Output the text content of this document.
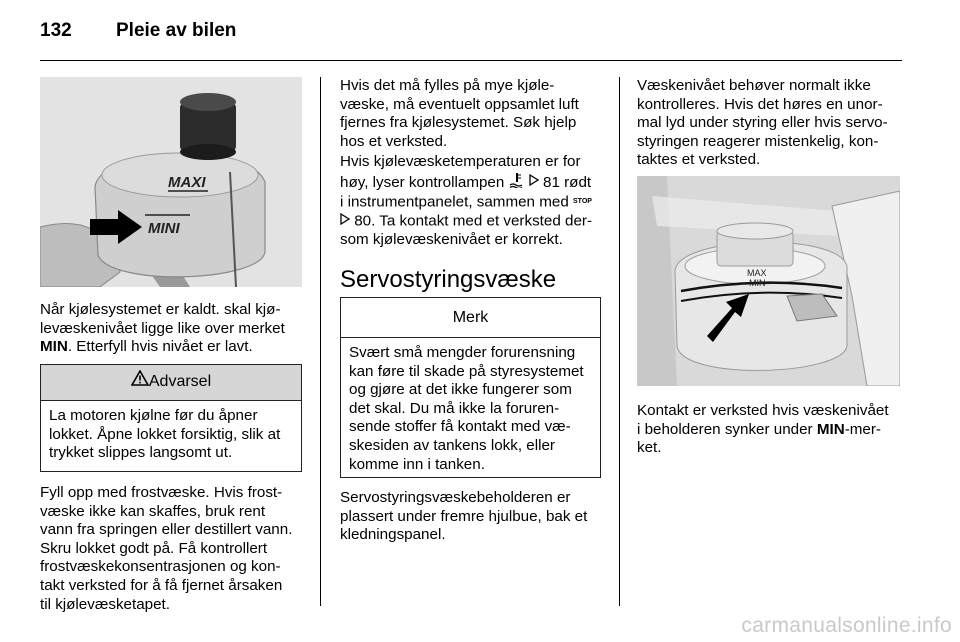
132 Pleie av bilen
MAXI
MINI
Når kjølesystemet er kaldt. skal kjø-
levæskenivået ligge like over merket
MIN. Etterfyll hvis nivået er lavt.
Advarsel
La motoren kjølne før du åpner
lokket. Åpne lokket forsiktig, slik at
trykket slippes langsomt ut.
Fyll opp med frostvæske. Hvis frost-
væske ikke kan skaffes, bruk rent
vann fra springen eller destillert vann.
Skru lokket godt på. Få kontrollert
frostvæskekonsentrasjonen og kon-
takt verksted for å få fjernet årsaken
til kjølevæsketapet.
Hvis det må fylles på mye kjøle-
væske, må eventuelt oppsamlet luft
fjernes fra kjølesystemet. Søk hjelp
hos et verksted.
Hvis kjølevæsketemperaturen er for
høy, lyser kontrollampen	81 rødt
i instrumentpanelet, sammen med STOP
80. Ta kontakt med et verksted der-
som kjølevæskenivået er korrekt.
Servostyringsvæske
Merk
Svært små mengder forurensning
kan føre til skade på styresystemet
og gjøre at det ikke fungerer som
det skal. Du må ikke la foruren-
sende stoffer få kontakt med væ-
skesiden av tankens lokk, eller
komme inn i tanken.
Servostyringsvæskebeholderen er
plassert under fremre hjulbue, bak et
kledningspanel.
Væskenivået behøver normalt ikke
kontrolleres. Hvis det høres en unor-
mal lyd under styring eller hvis servo-
styringen reagerer mistenkelig, kon-
taktes et verksted.
MAX
MIN
Kontakt er verksted hvis væskenivået
i beholderen synker under MIN-mer-
ket.
carmanualsonline.info
